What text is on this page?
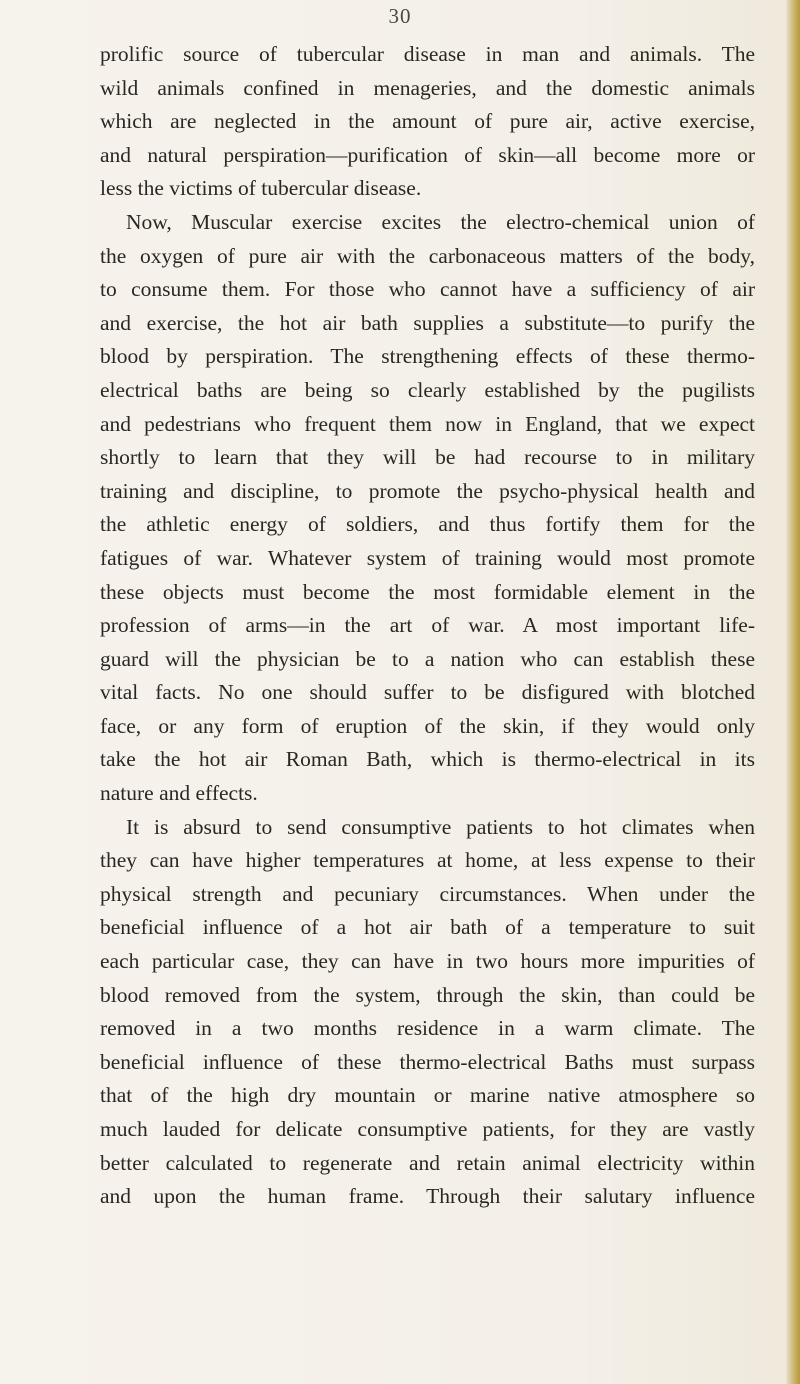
30
prolific source of tubercular disease in man and animals. The
wild animals confined in menageries, and the domestic animals
which are neglected in the amount of pure air, active exercise,
and natural perspiration—purification of skin—all become more or
less the victims of tubercular disease.
Now, Muscular exercise excites the electro-chemical union of
the oxygen of pure air with the carbonaceous matters of the body,
to consume them. For those who cannot have a sufficiency of air
and exercise, the hot air bath supplies a substitute—to purify the
blood by perspiration. The strengthening effects of these thermo-
electrical baths are being so clearly established by the pugilists
and pedestrians who frequent them now in England, that we expect
shortly to learn that they will be had recourse to in military
training and discipline, to promote the psycho-physical health and
the athletic energy of soldiers, and thus fortify them for the
fatigues of war. Whatever system of training would most promote
these objects must become the most formidable element in the
profession of arms—in the art of war. A most important life-
guard will the physician be to a nation who can establish these
vital facts. No one should suffer to be disfigured with blotched
face, or any form of eruption of the skin, if they would only
take the hot air Roman Bath, which is thermo-electrical in its
nature and effects.
It is absurd to send consumptive patients to hot climates when
they can have higher temperatures at home, at less expense to their
physical strength and pecuniary circumstances. When under the
beneficial influence of a hot air bath of a temperature to suit
each particular case, they can have in two hours more impurities of
blood removed from the system, through the skin, than could be
removed in a two months residence in a warm climate. The
beneficial influence of these thermo-electrical Baths must surpass
that of the high dry mountain or marine native atmosphere so
much lauded for delicate consumptive patients, for they are vastly
better calculated to regenerate and retain animal electricity within
and upon the human frame. Through their salutary influence
